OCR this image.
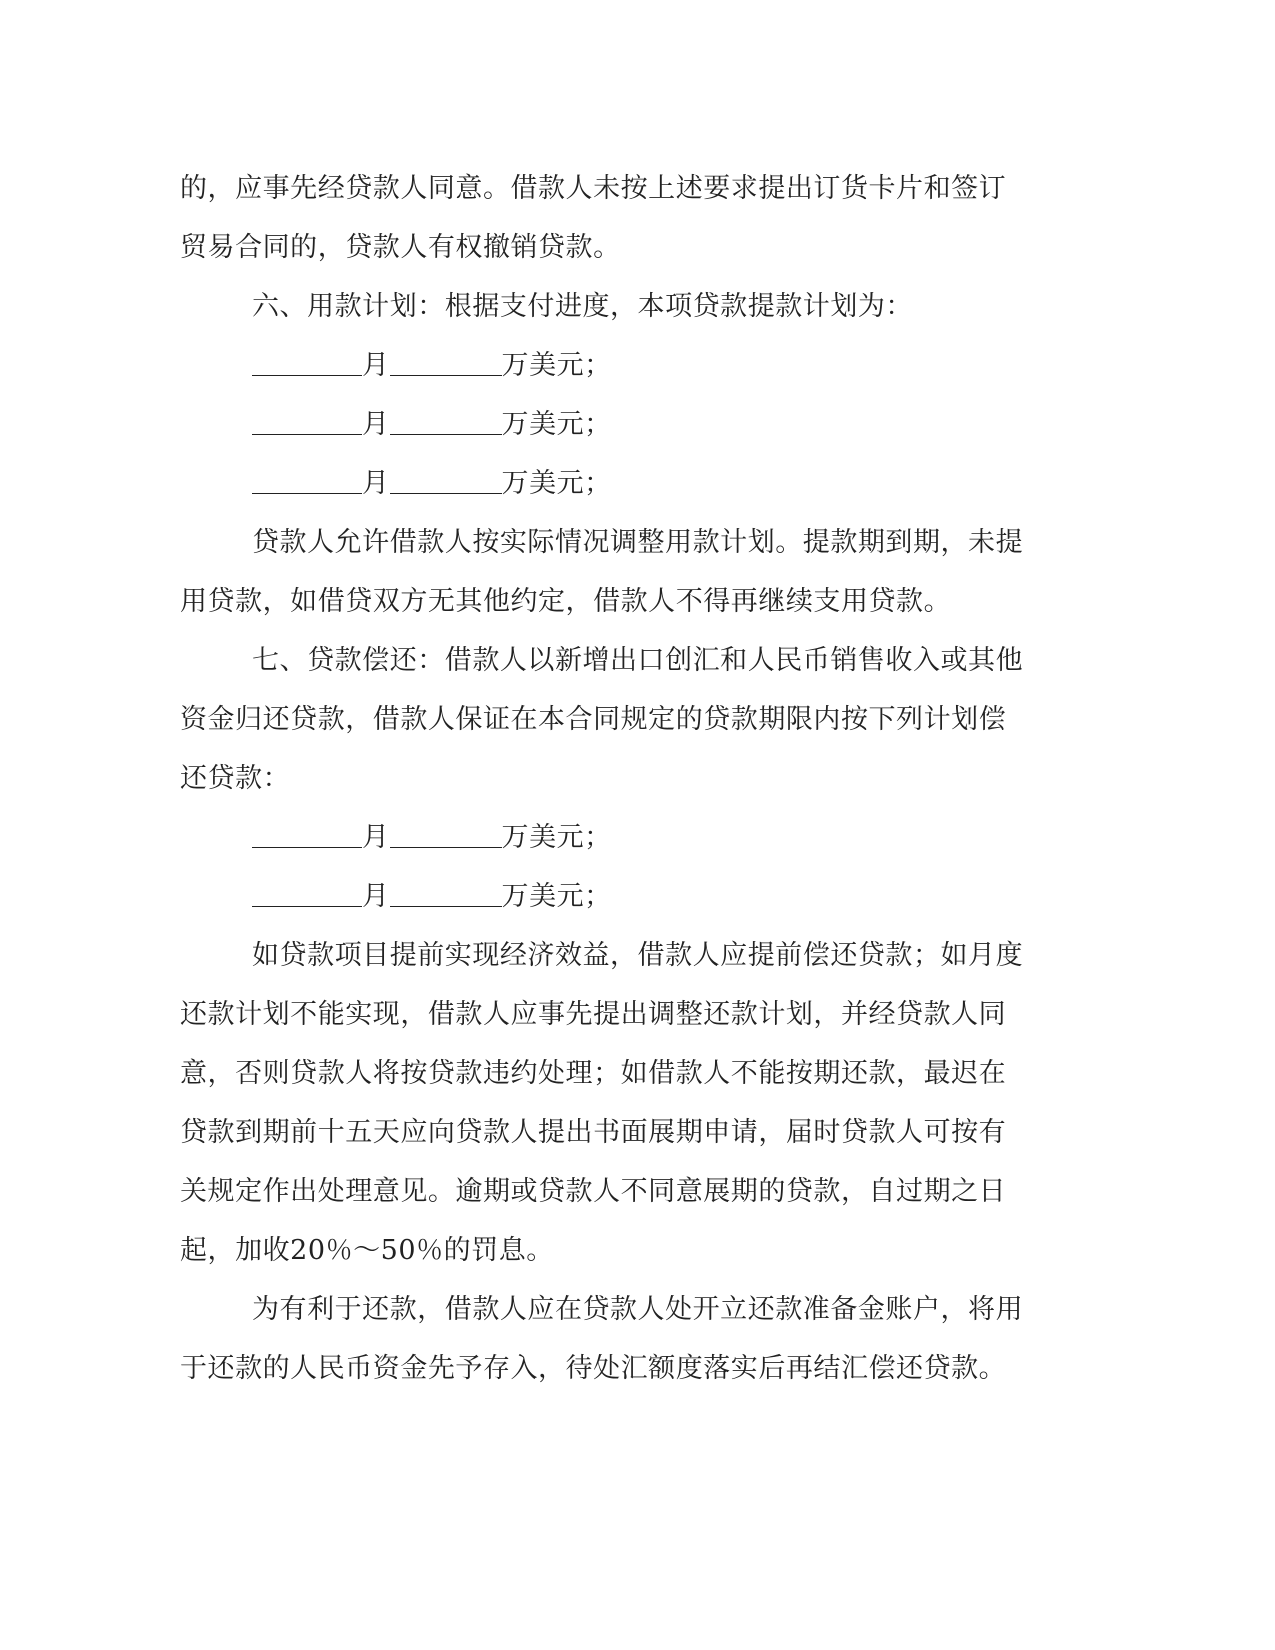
的，应事先经贷款人同意。借款人未按上述要求提出订货卡片和签订
贸易合同的，贷款人有权撤销贷款。
六、用款计划：根据支付进度，本项贷款提款计划为：
月	万美元；
月	万美元；
月	万美元；
贷款人允许借款人按实际情况调整用款计划。提款期到期，未提
用贷款，如借贷双方无其他约定，借款人不得再继续支用贷款。
七、贷款偿还：借款人以新增出口创汇和人民币销售收入或其他
资金归还贷款，借款人保证在本合同规定的贷款期限内按下列计划偿
还贷款：
月	万美元；
月	万美元；
如贷款项目提前实现经济效益，借款人应提前偿还贷款；如月度
还款计划不能实现，借款人应事先提出调整还款计划，并经贷款人同
意，否则贷款人将按贷款违约处理；如借款人不能按期还款，最迟在
贷款到期前十五天应向贷款人提出书面展期申请，届时贷款人可按有
关规定作出处理意见。逾期或贷款人不同意展期的贷款，自过期之日
起，加收20％～50％的罚息。
为有利于还款，借款人应在贷款人处开立还款准备金账户，将用
于还款的人民币资金先予存入，待处汇额度落实后再结汇偿还贷款。
